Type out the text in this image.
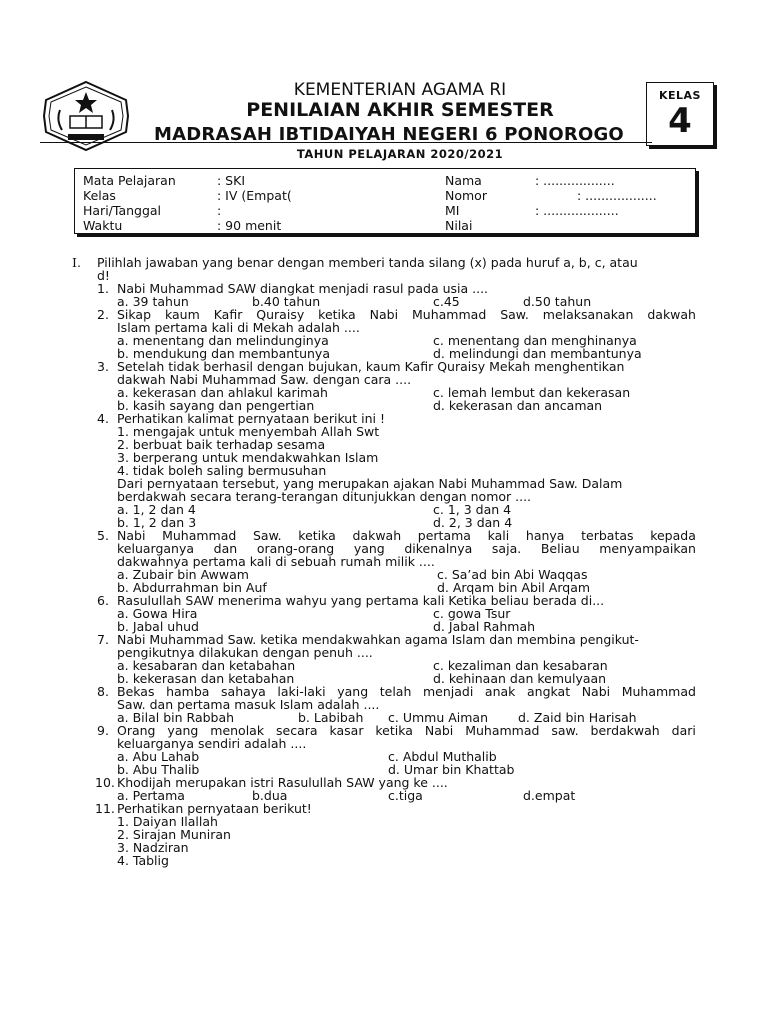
KEMENTERIAN AGAMA RI
PENILAIAN AKHIR SEMESTER
MADRASAH IBTIDAIYAH NEGERI 6 PONOROGO
TAHUN PELAJARAN 2020/2021
KELAS
4
Mata Pelajaran	: SKI
Kelas	: IV (Empat(
Hari/Tanggal	:
Waktu	: 90 menit
Nama	: ..................
Nomor	: ..................
MI	: ...................
Nilai
I. Pilihlah jawaban yang benar dengan memberi tanda silang (x) pada huruf a, b, c, atau
d!
1. Nabi Muhammad SAW diangkat menjadi rasul pada usia ....
a. 39 tahun	b.40 tahun	c.45	d.50 tahun
2. Sikap kaum Kafir Quraisy ketika Nabi Muhammad Saw. melaksanakan dakwah
Islam pertama kali di Mekah adalah ....
a. menentang dan melindunginya	c. menentang dan menghinanya
b. mendukung dan membantunya	d. melindungi dan membantunya
3. Setelah tidak berhasil dengan bujukan, kaum Kafir Quraisy Mekah menghentikan
dakwah Nabi Muhammad Saw. dengan cara ....
a. kekerasan dan ahlakul karimah	c. lemah lembut dan kekerasan
b. kasih sayang dan pengertian	d. kekerasan dan ancaman
4. Perhatikan kalimat pernyataan berikut ini !
1. mengajak untuk menyembah Allah Swt
2. berbuat baik terhadap sesama
3. berperang untuk mendakwahkan Islam
4. tidak boleh saling bermusuhan
Dari pernyataan tersebut, yang merupakan ajakan Nabi Muhammad Saw. Dalam
berdakwah secara terang-terangan ditunjukkan dengan nomor ....
a. 1, 2 dan 4	c. 1, 3 dan 4
b. 1, 2 dan 3	d. 2, 3 dan 4
5. Nabi Muhammad Saw. ketika dakwah pertama kali hanya terbatas kepada
keluarganya dan orang-orang yang dikenalnya saja. Beliau menyampaikan
dakwahnya pertama kali di sebuah rumah milik ....
a. Zubair bin Awwam	c. Sa’ad bin Abi Waqqas
b. Abdurrahman bin Auf	d. Arqam bin Abil Arqam
6. Rasulullah SAW menerima wahyu yang pertama kali Ketika beliau berada di...
a. Gowa Hira	c. gowa Tsur
b. Jabal uhud	d. Jabal Rahmah
7. Nabi Muhammad Saw. ketika mendakwahkan agama Islam dan membina pengikut-
pengikutnya dilakukan dengan penuh ....
a. kesabaran dan ketabahan	c. kezaliman dan kesabaran
b. kekerasan dan ketabahan	d. kehinaan dan kemulyaan
8. Bekas hamba sahaya laki-laki yang telah menjadi anak angkat Nabi Muhammad
Saw. dan pertama masuk Islam adalah ....
a. Bilal bin Rabbah	b. Labibah c. Ummu Aiman d. Zaid bin Harisah
9. Orang yang menolak secara kasar ketika Nabi Muhammad saw. berdakwah dari
keluarganya sendiri adalah ....
a. Abu Lahab	c. Abdul Muthalib
b. Abu Thalib	d. Umar bin Khattab
10. Khodijah merupakan istri Rasulullah SAW yang ke ....
a. Pertama	b.dua	c.tiga	d.empat
11. Perhatikan pernyataan berikut!
1. Daiyan Ilallah
2. Sirajan Muniran
3. Nadziran
4. Tablig
